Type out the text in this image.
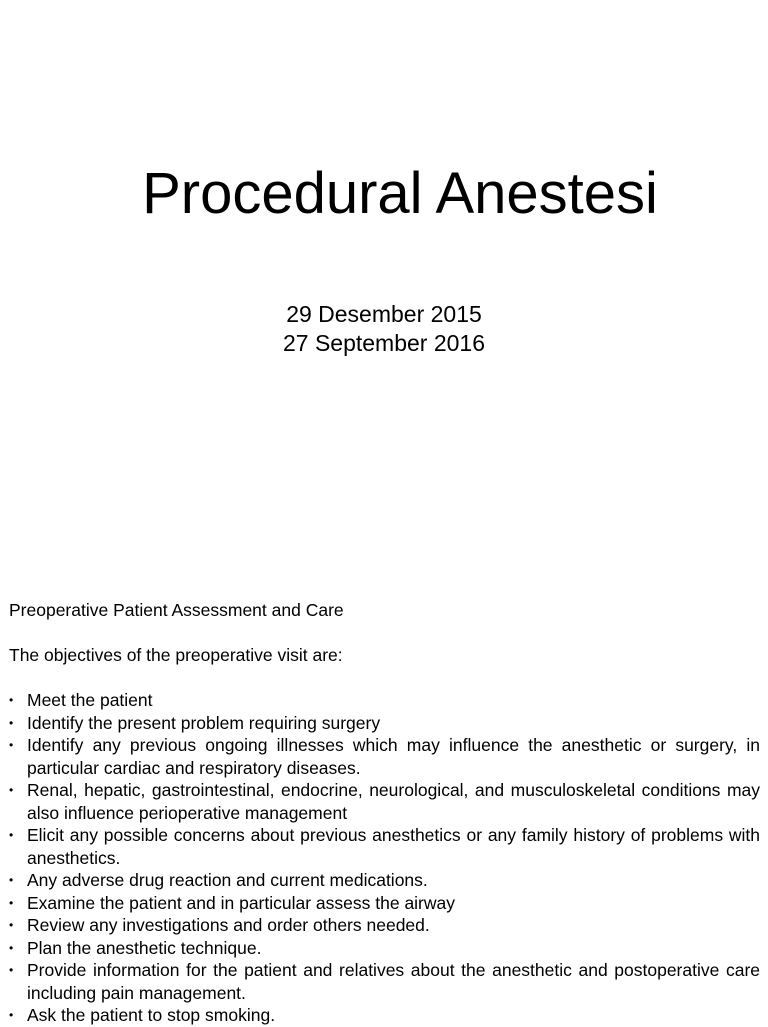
Procedural Anestesi
29 Desember 2015
27 September 2016

Preoperative Patient Assessment and Care

The objectives of the preoperative visit are:

• Meet the patient
• Identify the present problem requiring surgery
• Identify any previous ongoing illnesses which may influence the anesthetic or surgery, in particular cardiac and respiratory diseases.
• Renal, hepatic, gastrointestinal, endocrine, neurological, and musculoskeletal conditions may also influence perioperative management
• Elicit any possible concerns about previous anesthetics or any family history of problems with anesthetics.
• Any adverse drug reaction and current medications.
• Examine the patient and in particular assess the airway
• Review any investigations and order others needed.
• Plan the anesthetic technique.
• Provide information for the patient and relatives about the anesthetic and postoperative care including pain management.
• Ask the patient to stop smoking.
